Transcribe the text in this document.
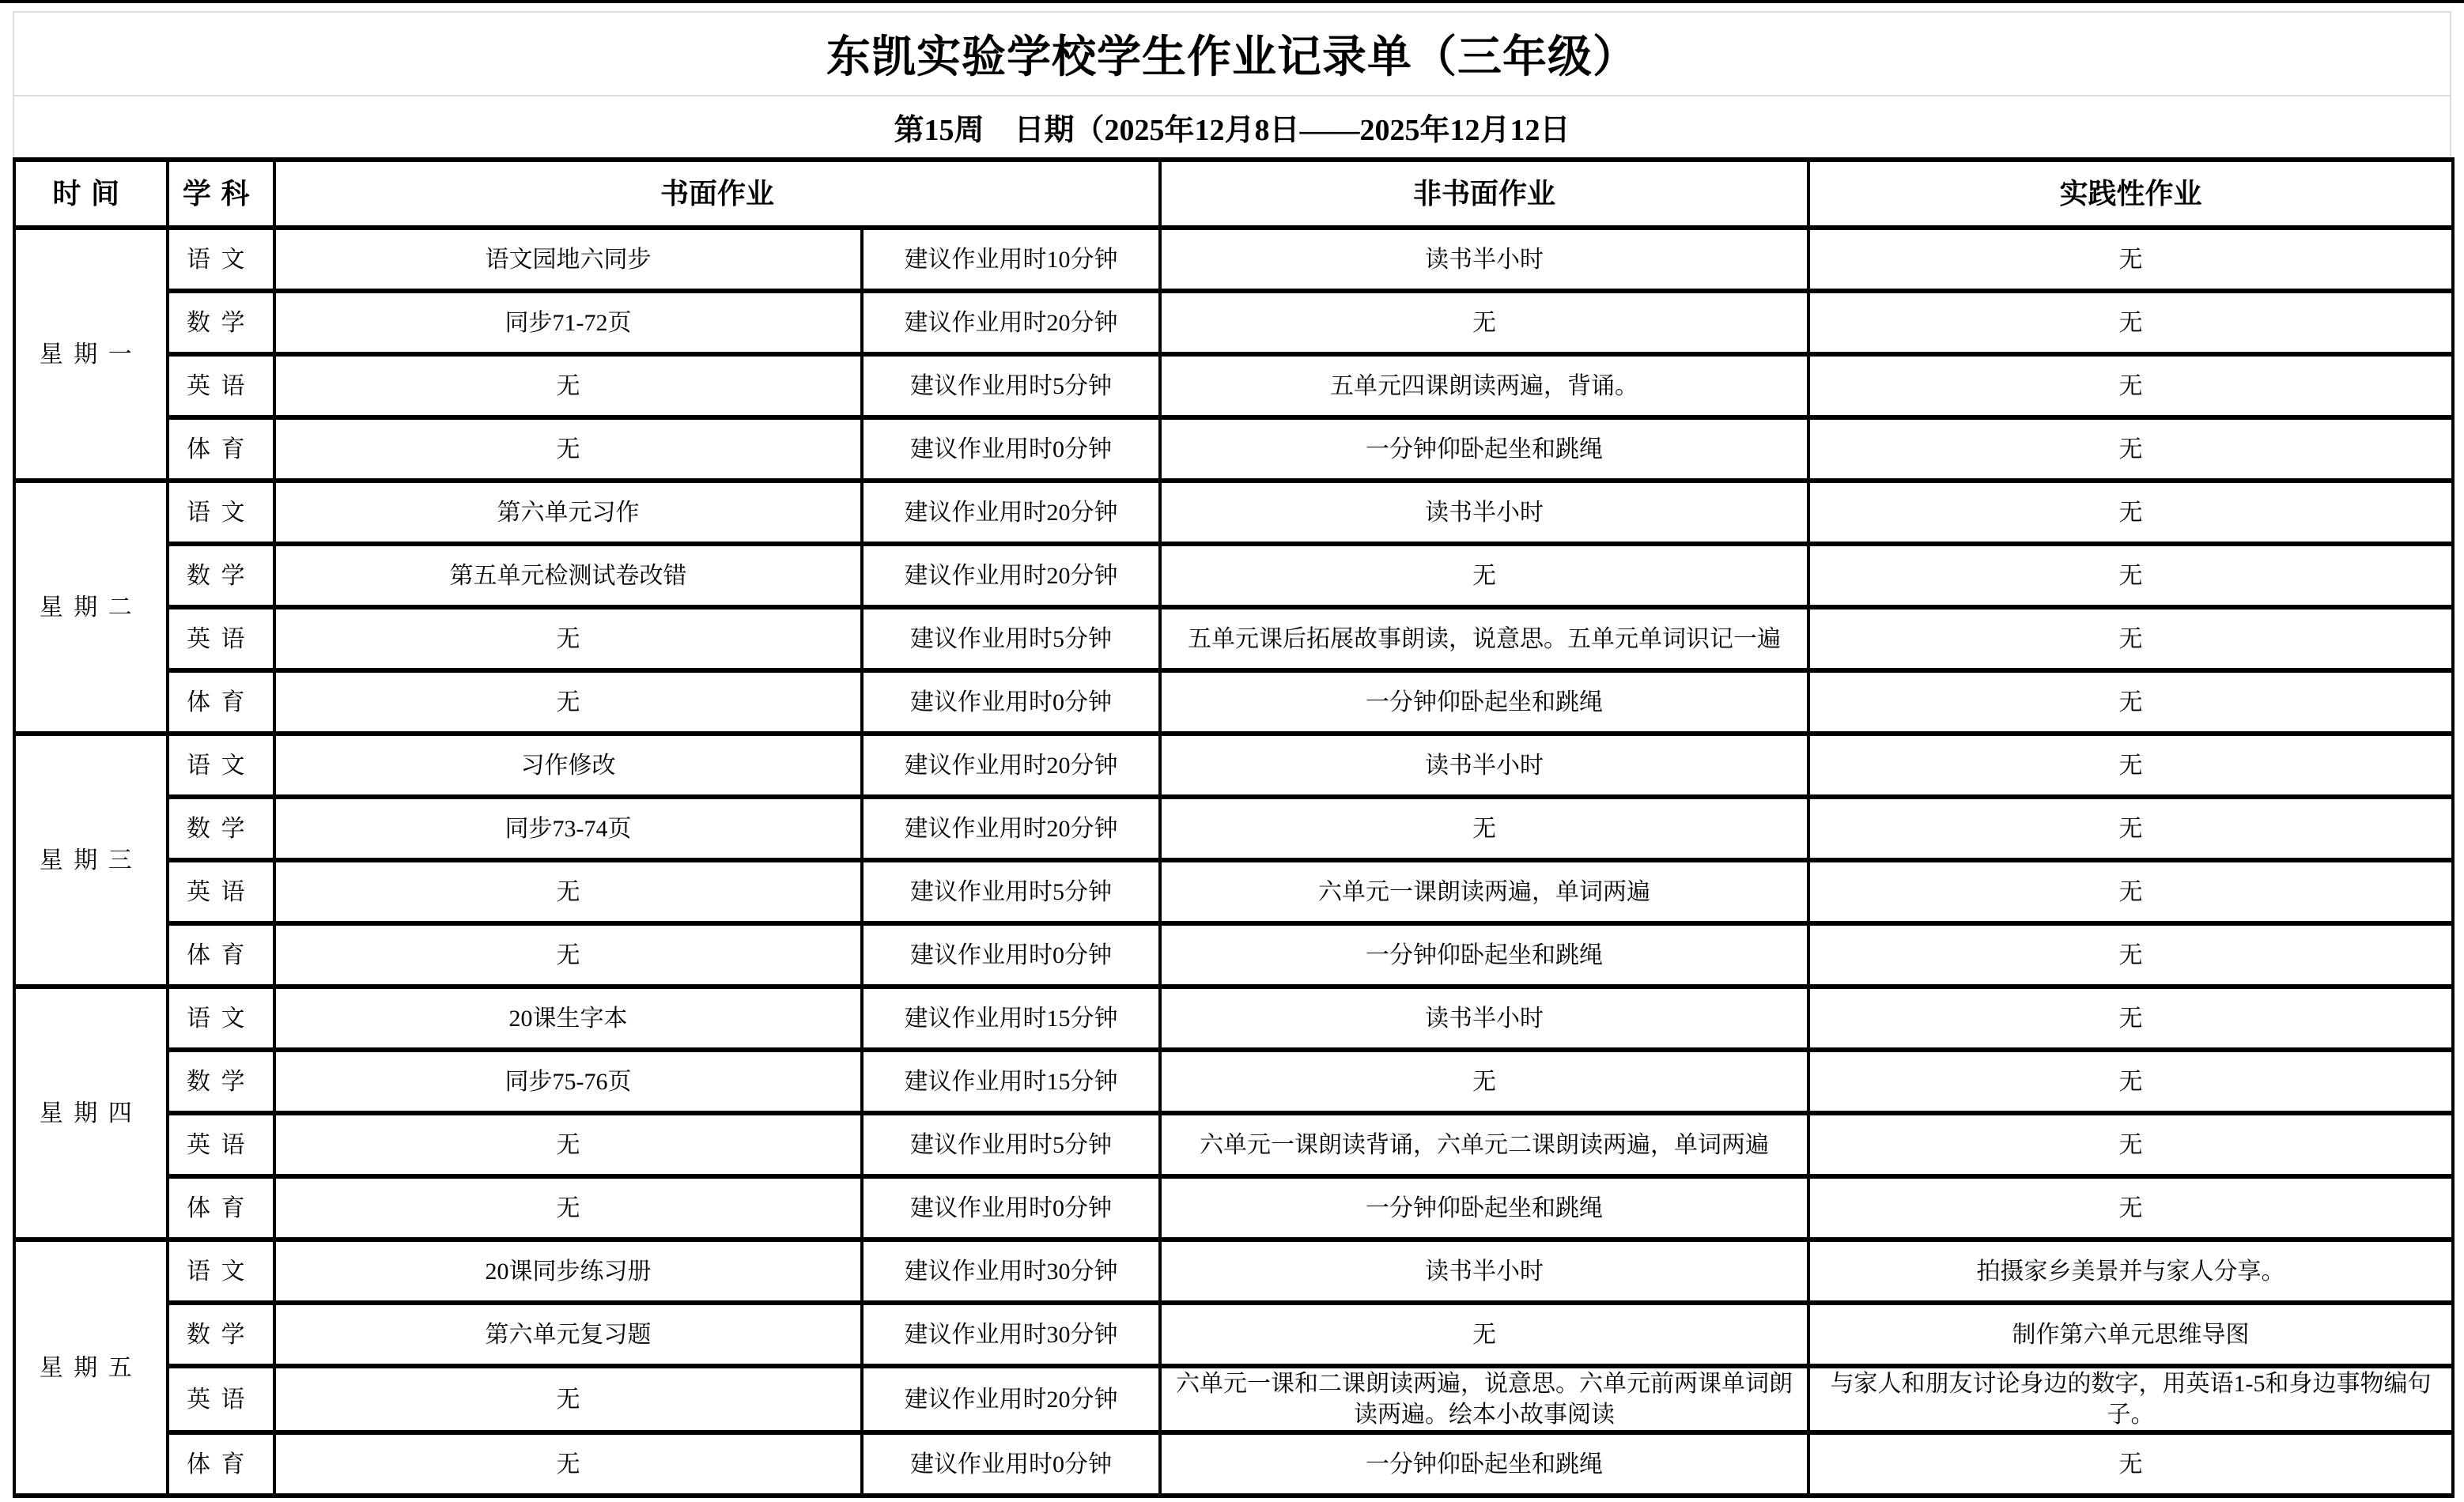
东凯实验学校学生作业记录单（三年级）
第15周　日期（2025年12月8日——2025年12月12日
时间	学科	书面作业		非书面作业	实践性作业
星期一	语文	语文园地六同步	建议作业用时10分钟	读书半小时	无
	数学	同步71-72页	建议作业用时20分钟	无	无
	英语	无	建议作业用时5分钟	五单元四课朗读两遍，背诵。	无
	体育	无	建议作业用时0分钟	一分钟仰卧起坐和跳绳	无
星期二	语文	第六单元习作	建议作业用时20分钟	读书半小时	无
	数学	第五单元检测试卷改错	建议作业用时20分钟	无	无
	英语	无	建议作业用时5分钟	五单元课后拓展故事朗读，说意思。五单元单词识记一遍	无
	体育	无	建议作业用时0分钟	一分钟仰卧起坐和跳绳	无
星期三	语文	习作修改	建议作业用时20分钟	读书半小时	无
	数学	同步73-74页	建议作业用时20分钟	无	无
	英语	无	建议作业用时5分钟	六单元一课朗读两遍，单词两遍	无
	体育	无	建议作业用时0分钟	一分钟仰卧起坐和跳绳	无
星期四	语文	20课生字本	建议作业用时15分钟	读书半小时	无
	数学	同步75-76页	建议作业用时15分钟	无	无
	英语	无	建议作业用时5分钟	六单元一课朗读背诵，六单元二课朗读两遍，单词两遍	无
	体育	无	建议作业用时0分钟	一分钟仰卧起坐和跳绳	无
星期五	语文	20课同步练习册	建议作业用时30分钟	读书半小时	拍摄家乡美景并与家人分享。
	数学	第六单元复习题	建议作业用时30分钟	无	制作第六单元思维导图
	英语	无	建议作业用时20分钟	六单元一课和二课朗读两遍，说意思。六单元前两课单词朗读两遍。绘本小故事阅读	与家人和朋友讨论身边的数字，用英语1-5和身边事物编句子。
	体育	无	建议作业用时0分钟	一分钟仰卧起坐和跳绳	无
